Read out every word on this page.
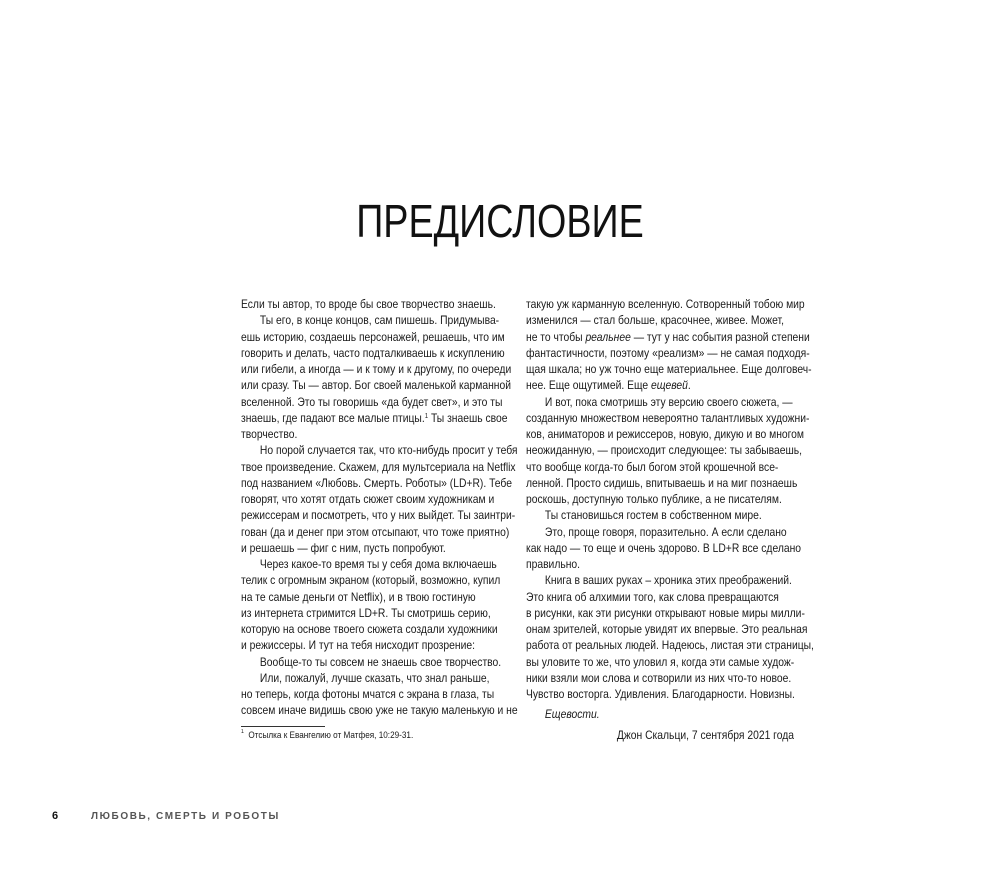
ПРЕДИСЛОВИЕ
Если ты автор, то вроде бы свое творчество знаешь.
Ты его, в конце концов, сам пишешь. Придумыва-
ешь историю, создаешь персонажей, решаешь, что им
говорить и делать, часто подталкиваешь к искуплению
или гибели, а иногда — и к тому и к другому, по очереди
или сразу. Ты — автор. Бог своей маленькой карманной
вселенной. Это ты говоришь «да будет свет», и это ты
знаешь, где падают все малые птицы.$^1$ Ты знаешь свое
творчество.
Но порой случается так, что кто-нибудь просит у тебя
твое произведение. Скажем, для мультсериала на Netflix
под названием «Любовь. Смерть. Роботы» (LD+R). Тебе
говорят, что хотят отдать сюжет своим художникам и
режиссерам и посмотреть, что у них выйдет. Ты заинтри-
гован (да и денег при этом отсыпают, что тоже приятно)
и решаешь — фиг с ним, пусть попробуют.
Через какое-то время ты у себя дома включаешь
телик с огромным экраном (который, возможно, купил
на те самые деньги от Netflix), и в твою гостиную
из интернета стримится LD+R. Ты смотришь серию,
которую на основе твоего сюжета создали художники
и режиссеры. И тут на тебя нисходит прозрение:
Вообще-то ты совсем не знаешь свое творчество.
Или, пожалуй, лучше сказать, что знал раньше,
но теперь, когда фотоны мчатся с экрана в глаза, ты
совсем иначе видишь свою уже не такую маленькую и не
такую уж карманную вселенную. Сотворенный тобою мир
изменился — стал больше, красочнее, живее. Может,
не то чтобы реальнее — тут у нас события разной степени
фантастичности, поэтому «реализм» — не самая подходя-
щая шкала; но уж точно еще материальнее. Еще долговеч-
нее. Еще ощутимей. Еще ещевей.
И вот, пока смотришь эту версию своего сюжета, —
созданную множеством невероятно талантливых художни-
ков, аниматоров и режиссеров, новую, дикую и во многом
неожиданную, — происходит следующее: ты забываешь,
что вообще когда-то был богом этой крошечной все-
ленной. Просто сидишь, впитываешь и на миг познаешь
роскошь, доступную только публике, а не писателям.
Ты становишься гостем в собственном мире.
Это, проще говоря, поразительно. А если сделано
как надо — то еще и очень здорово. В LD+R все сделано
правильно.
Книга в ваших руках – хроника этих преображений.
Это книга об алхимии того, как слова превращаются
в рисунки, как эти рисунки открывают новые миры милли-
онам зрителей, которые увидят их впервые. Это реальная
работа от реальных людей. Надеюсь, листая эти страницы,
вы уловите то же, что уловил я, когда эти самые худож-
ники взяли мои слова и сотворили из них что-то новое.
Чувство восторга. Удивления. Благодарности. Новизны.
Ещевости.
Джон Скальци, 7 сентября 2021 года
$^1$ Отсылка к Евангелию от Матфея, 10:29-31.
6	ЛЮБОВЬ, СМЕРТЬ И РОБОТЫ
